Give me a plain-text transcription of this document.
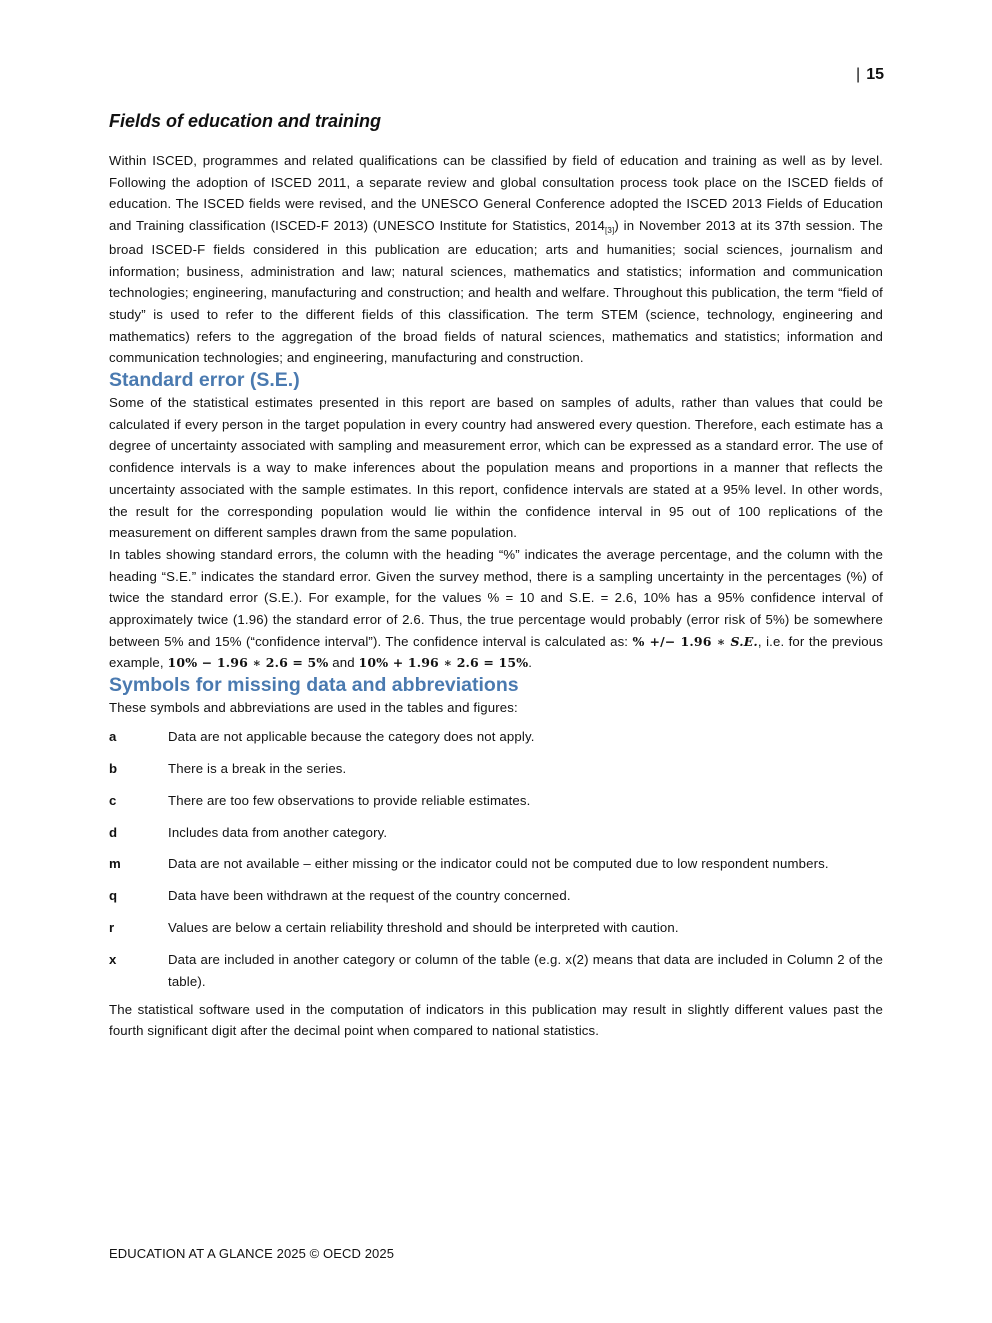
| 15
Fields of education and training

Within ISCED, programmes and related qualifications can be classified by field of education and training as well as by level. Following the adoption of ISCED 2011, a separate review and global consultation process took place on the ISCED fields of education. The ISCED fields were revised, and the UNESCO General Conference adopted the ISCED 2013 Fields of Education and Training classification (ISCED-F 2013) (UNESCO Institute for Statistics, 2014[3]) in November 2013 at its 37th session. The broad ISCED-F fields considered in this publication are education; arts and humanities; social sciences, journalism and information; business, administration and law; natural sciences, mathematics and statistics; information and communication technologies; engineering, manufacturing and construction; and health and welfare. Throughout this publication, the term “field of study” is used to refer to the different fields of this classification. The term STEM (science, technology, engineering and mathematics) refers to the aggregation of the broad fields of natural sciences, mathematics and statistics; information and communication technologies; and engineering, manufacturing and construction.

Standard error (S.E.)

Some of the statistical estimates presented in this report are based on samples of adults, rather than values that could be calculated if every person in the target population in every country had answered every question. Therefore, each estimate has a degree of uncertainty associated with sampling and measurement error, which can be expressed as a standard error. The use of confidence intervals is a way to make inferences about the population means and proportions in a manner that reflects the uncertainty associated with the sample estimates. In this report, confidence intervals are stated at a 95% level. In other words, the result for the corresponding population would lie within the confidence interval in 95 out of 100 replications of the measurement on different samples drawn from the same population.

In tables showing standard errors, the column with the heading “%” indicates the average percentage, and the column with the heading “S.E.” indicates the standard error. Given the survey method, there is a sampling uncertainty in the percentages (%) of twice the standard error (S.E.). For example, for the values % = 10 and S.E. = 2.6, 10% has a 95% confidence interval of approximately twice (1.96) the standard error of 2.6. Thus, the true percentage would probably (error risk of 5%) be somewhere between 5% and 15% (“confidence interval”). The confidence interval is calculated as: % +/− 1.96 ∗ S.E., i.e. for the previous example, 10% − 1.96 ∗ 2.6 = 5% and 10% + 1.96 ∗ 2.6 = 15%.

Symbols for missing data and abbreviations

These symbols and abbreviations are used in the tables and figures:

a	Data are not applicable because the category does not apply.
b	There is a break in the series.
c	There are too few observations to provide reliable estimates.
d	Includes data from another category.
m	Data are not available – either missing or the indicator could not be computed due to low respondent numbers.
q	Data have been withdrawn at the request of the country concerned.
r	Values are below a certain reliability threshold and should be interpreted with caution.
x	Data are included in another category or column of the table (e.g. x(2) means that data are included in Column 2 of the table).

The statistical software used in the computation of indicators in this publication may result in slightly different values past the fourth significant digit after the decimal point when compared to national statistics.

EDUCATION AT A GLANCE 2025 © OECD 2025
